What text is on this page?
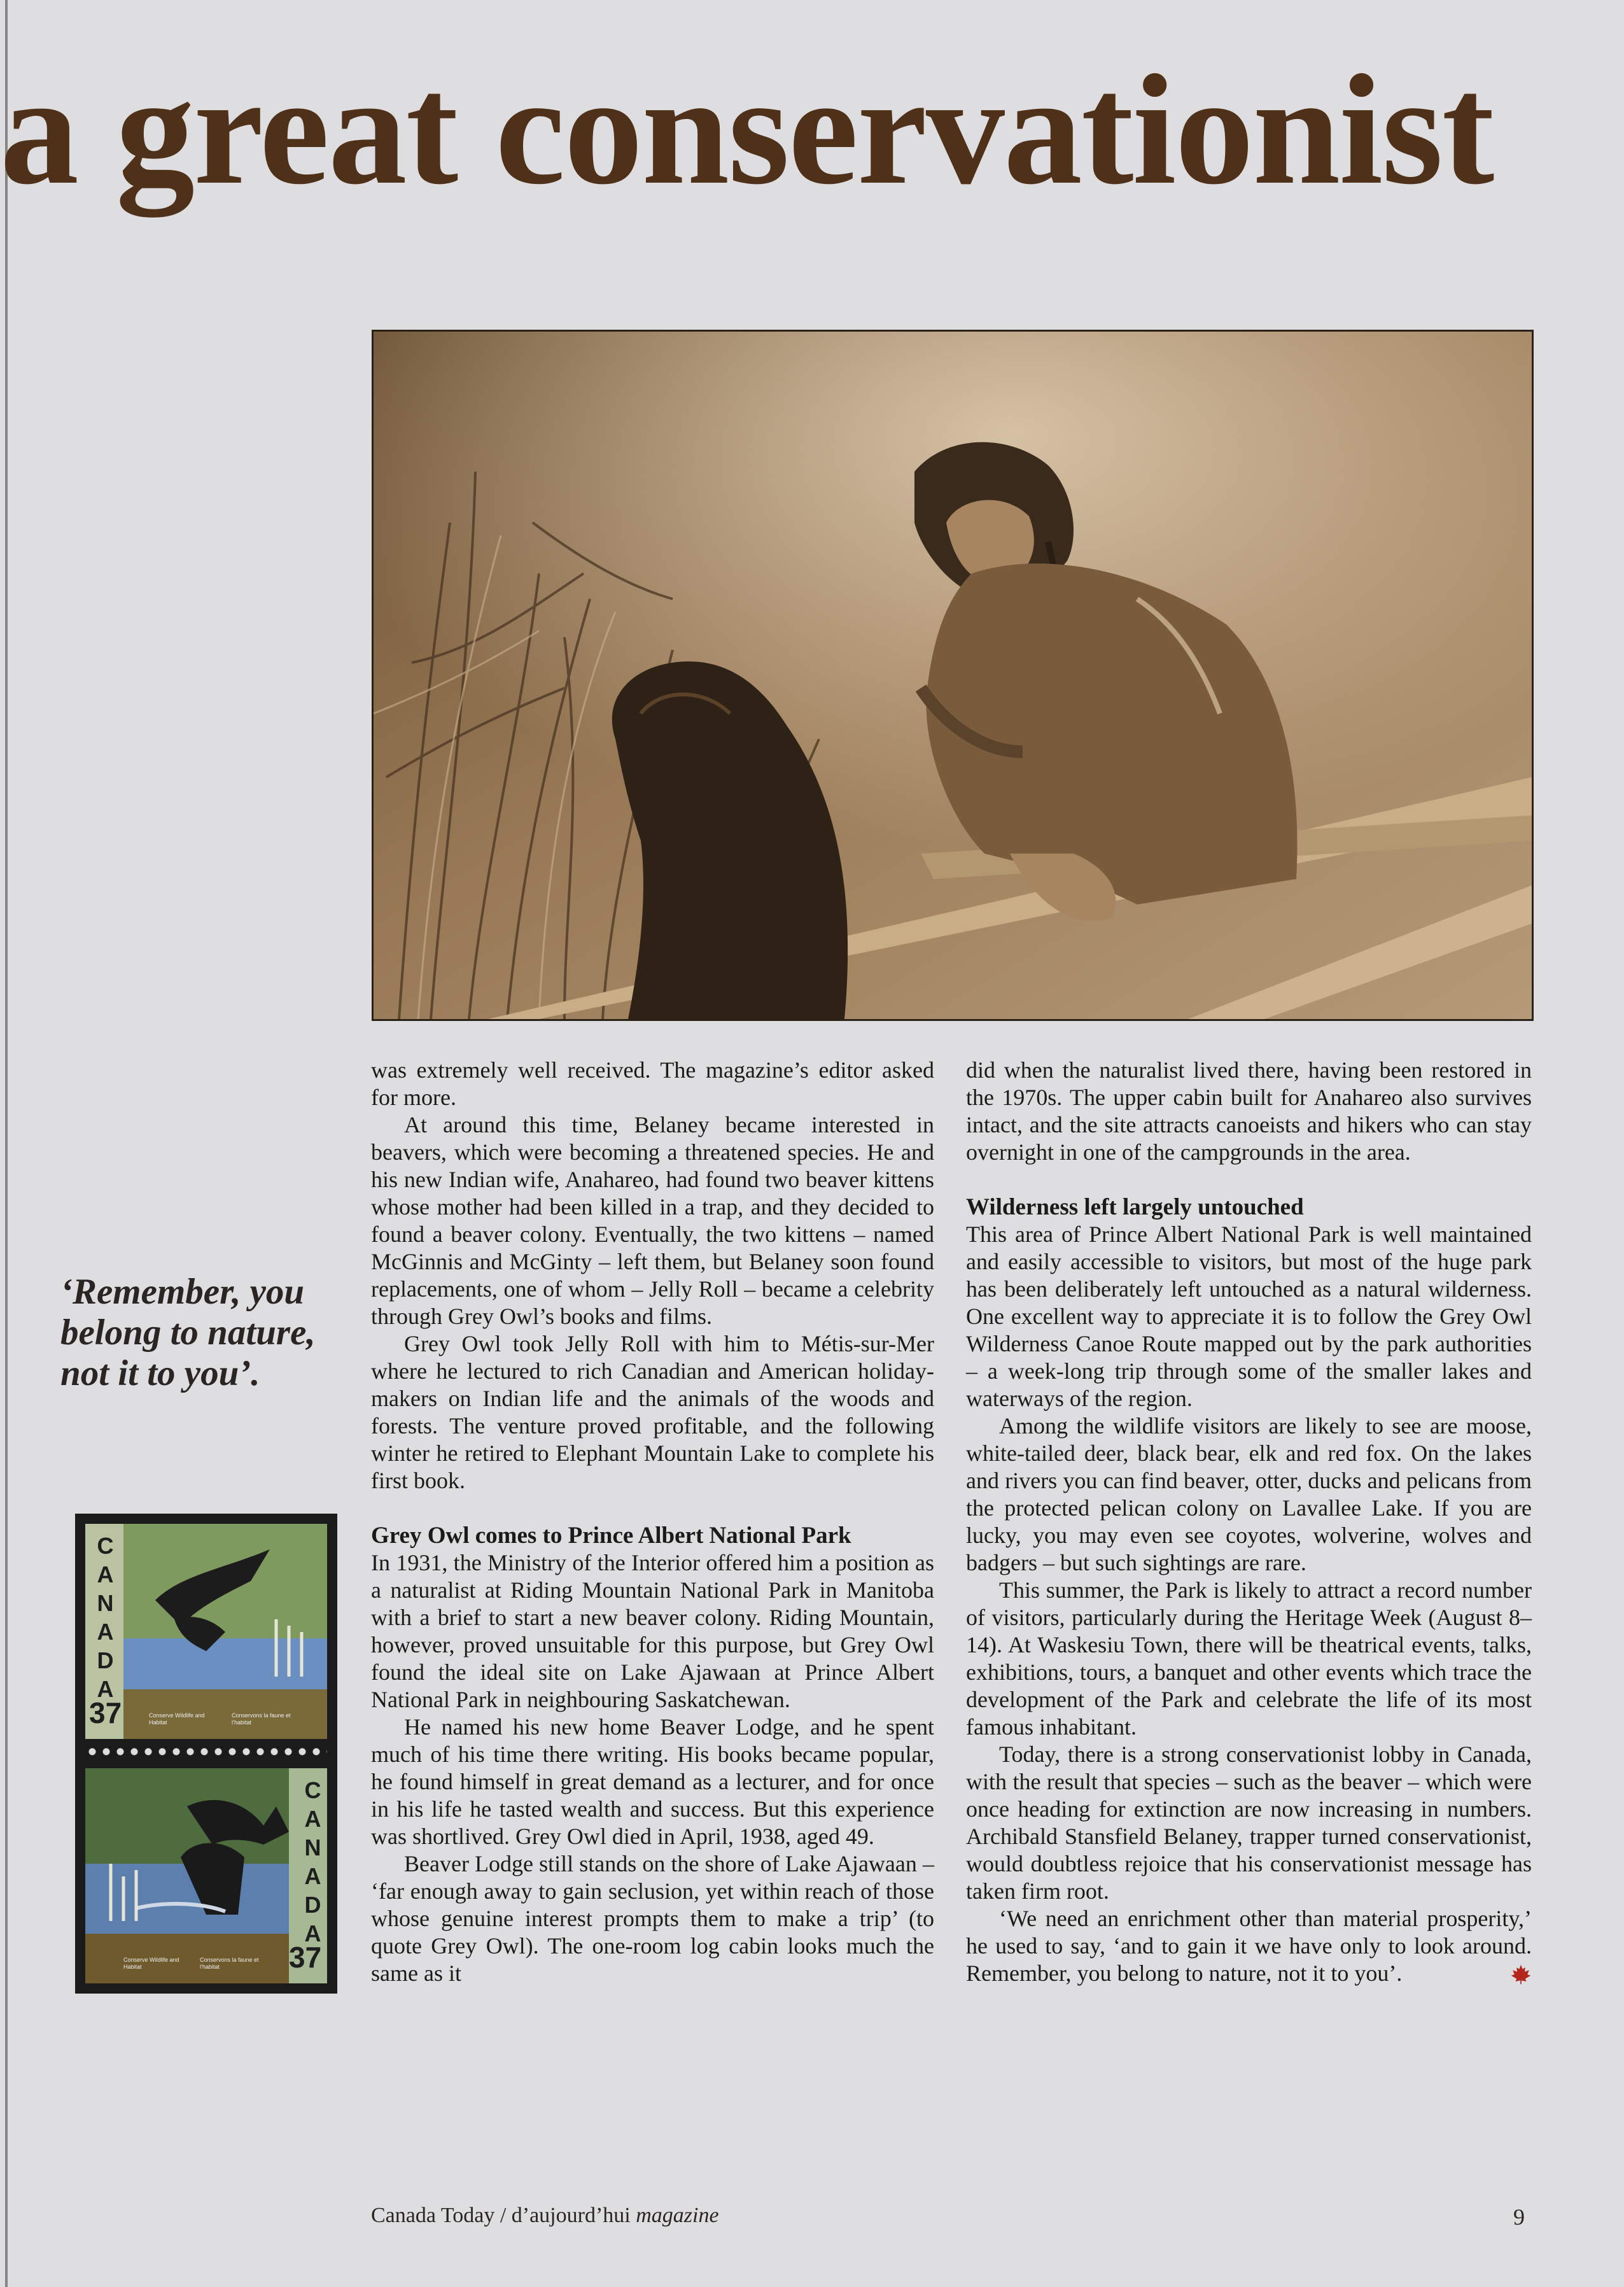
a great conservationist
‘Remember, you belong to nature, not it to you’.
CANADA
37	Conserve Wildlife and Habitat
Conservons la faune et l’habitat
CANADA
37
Conserve Wildlife and Habitat
Conservons la faune et l’habitat

was extremely well received. The magazine’s editor asked for more.

At around this time, Belaney became interested in beavers, which were becoming a threatened species. He and his new Indian wife, Anahareo, had found two beaver kittens whose mother had been killed in a trap, and they decided to found a beaver colony. Eventually, the two kittens – named McGinnis and McGinty – left them, but Belaney soon found replacements, one of whom – Jelly Roll – became a celebrity through Grey Owl’s books and films.

Grey Owl took Jelly Roll with him to Métis-sur-Mer where he lectured to rich Canadian and American holiday-makers on Indian life and the animals of the woods and forests. The venture proved profitable, and the following winter he retired to Elephant Mountain Lake to complete his first book.

Grey Owl comes to Prince Albert National Park

In 1931, the Ministry of the Interior offered him a position as a naturalist at Riding Mountain National Park in Manitoba with a brief to start a new beaver colony. Riding Mountain, however, proved unsuitable for this purpose, but Grey Owl found the ideal site on Lake Ajawaan at Prince Albert National Park in neighbouring Saskatchewan.

He named his new home Beaver Lodge, and he spent much of his time there writing. His books became popular, he found himself in great demand as a lecturer, and for once in his life he tasted wealth and success. But this experience was shortlived. Grey Owl died in April, 1938, aged 49.

Beaver Lodge still stands on the shore of Lake Ajawaan – ‘far enough away to gain seclusion, yet within reach of those whose genuine interest prompts them to make a trip’ (to quote Grey Owl). The one-room log cabin looks much the same as it

did when the naturalist lived there, having been restored in the 1970s. The upper cabin built for Anahareo also survives intact, and the site attracts canoeists and hikers who can stay overnight in one of the campgrounds in the area.

Wilderness left largely untouched

This area of Prince Albert National Park is well maintained and easily accessible to visitors, but most of the huge park has been deliberately left untouched as a natural wilderness. One excellent way to appreciate it is to follow the Grey Owl Wilderness Canoe Route mapped out by the park authorities – a week-long trip through some of the smaller lakes and waterways of the region.

Among the wildlife visitors are likely to see are moose, white-tailed deer, black bear, elk and red fox. On the lakes and rivers you can find beaver, otter, ducks and pelicans from the protected pelican colony on Lavallee Lake. If you are lucky, you may even see coyotes, wolverine, wolves and badgers – but such sightings are rare.

This summer, the Park is likely to attract a record number of visitors, particularly during the Heritage Week (August 8–14). At Waskesiu Town, there will be theatrical events, talks, exhibitions, tours, a banquet and other events which trace the development of the Park and celebrate the life of its most famous inhabitant.

Today, there is a strong conservationist lobby in Canada, with the result that species – such as the beaver – which were once heading for extinction are now increasing in numbers. Archibald Stansfield Belaney, trapper turned conservationist, would doubtless rejoice that his conservationist message has taken firm root.

‘We need an enrichment other than material prosperity,’ he used to say, ‘and to gain it we have only to look around. Remember, you belong to nature, not it to you’.

Canada Today / d’aujourd’hui magazine	9
